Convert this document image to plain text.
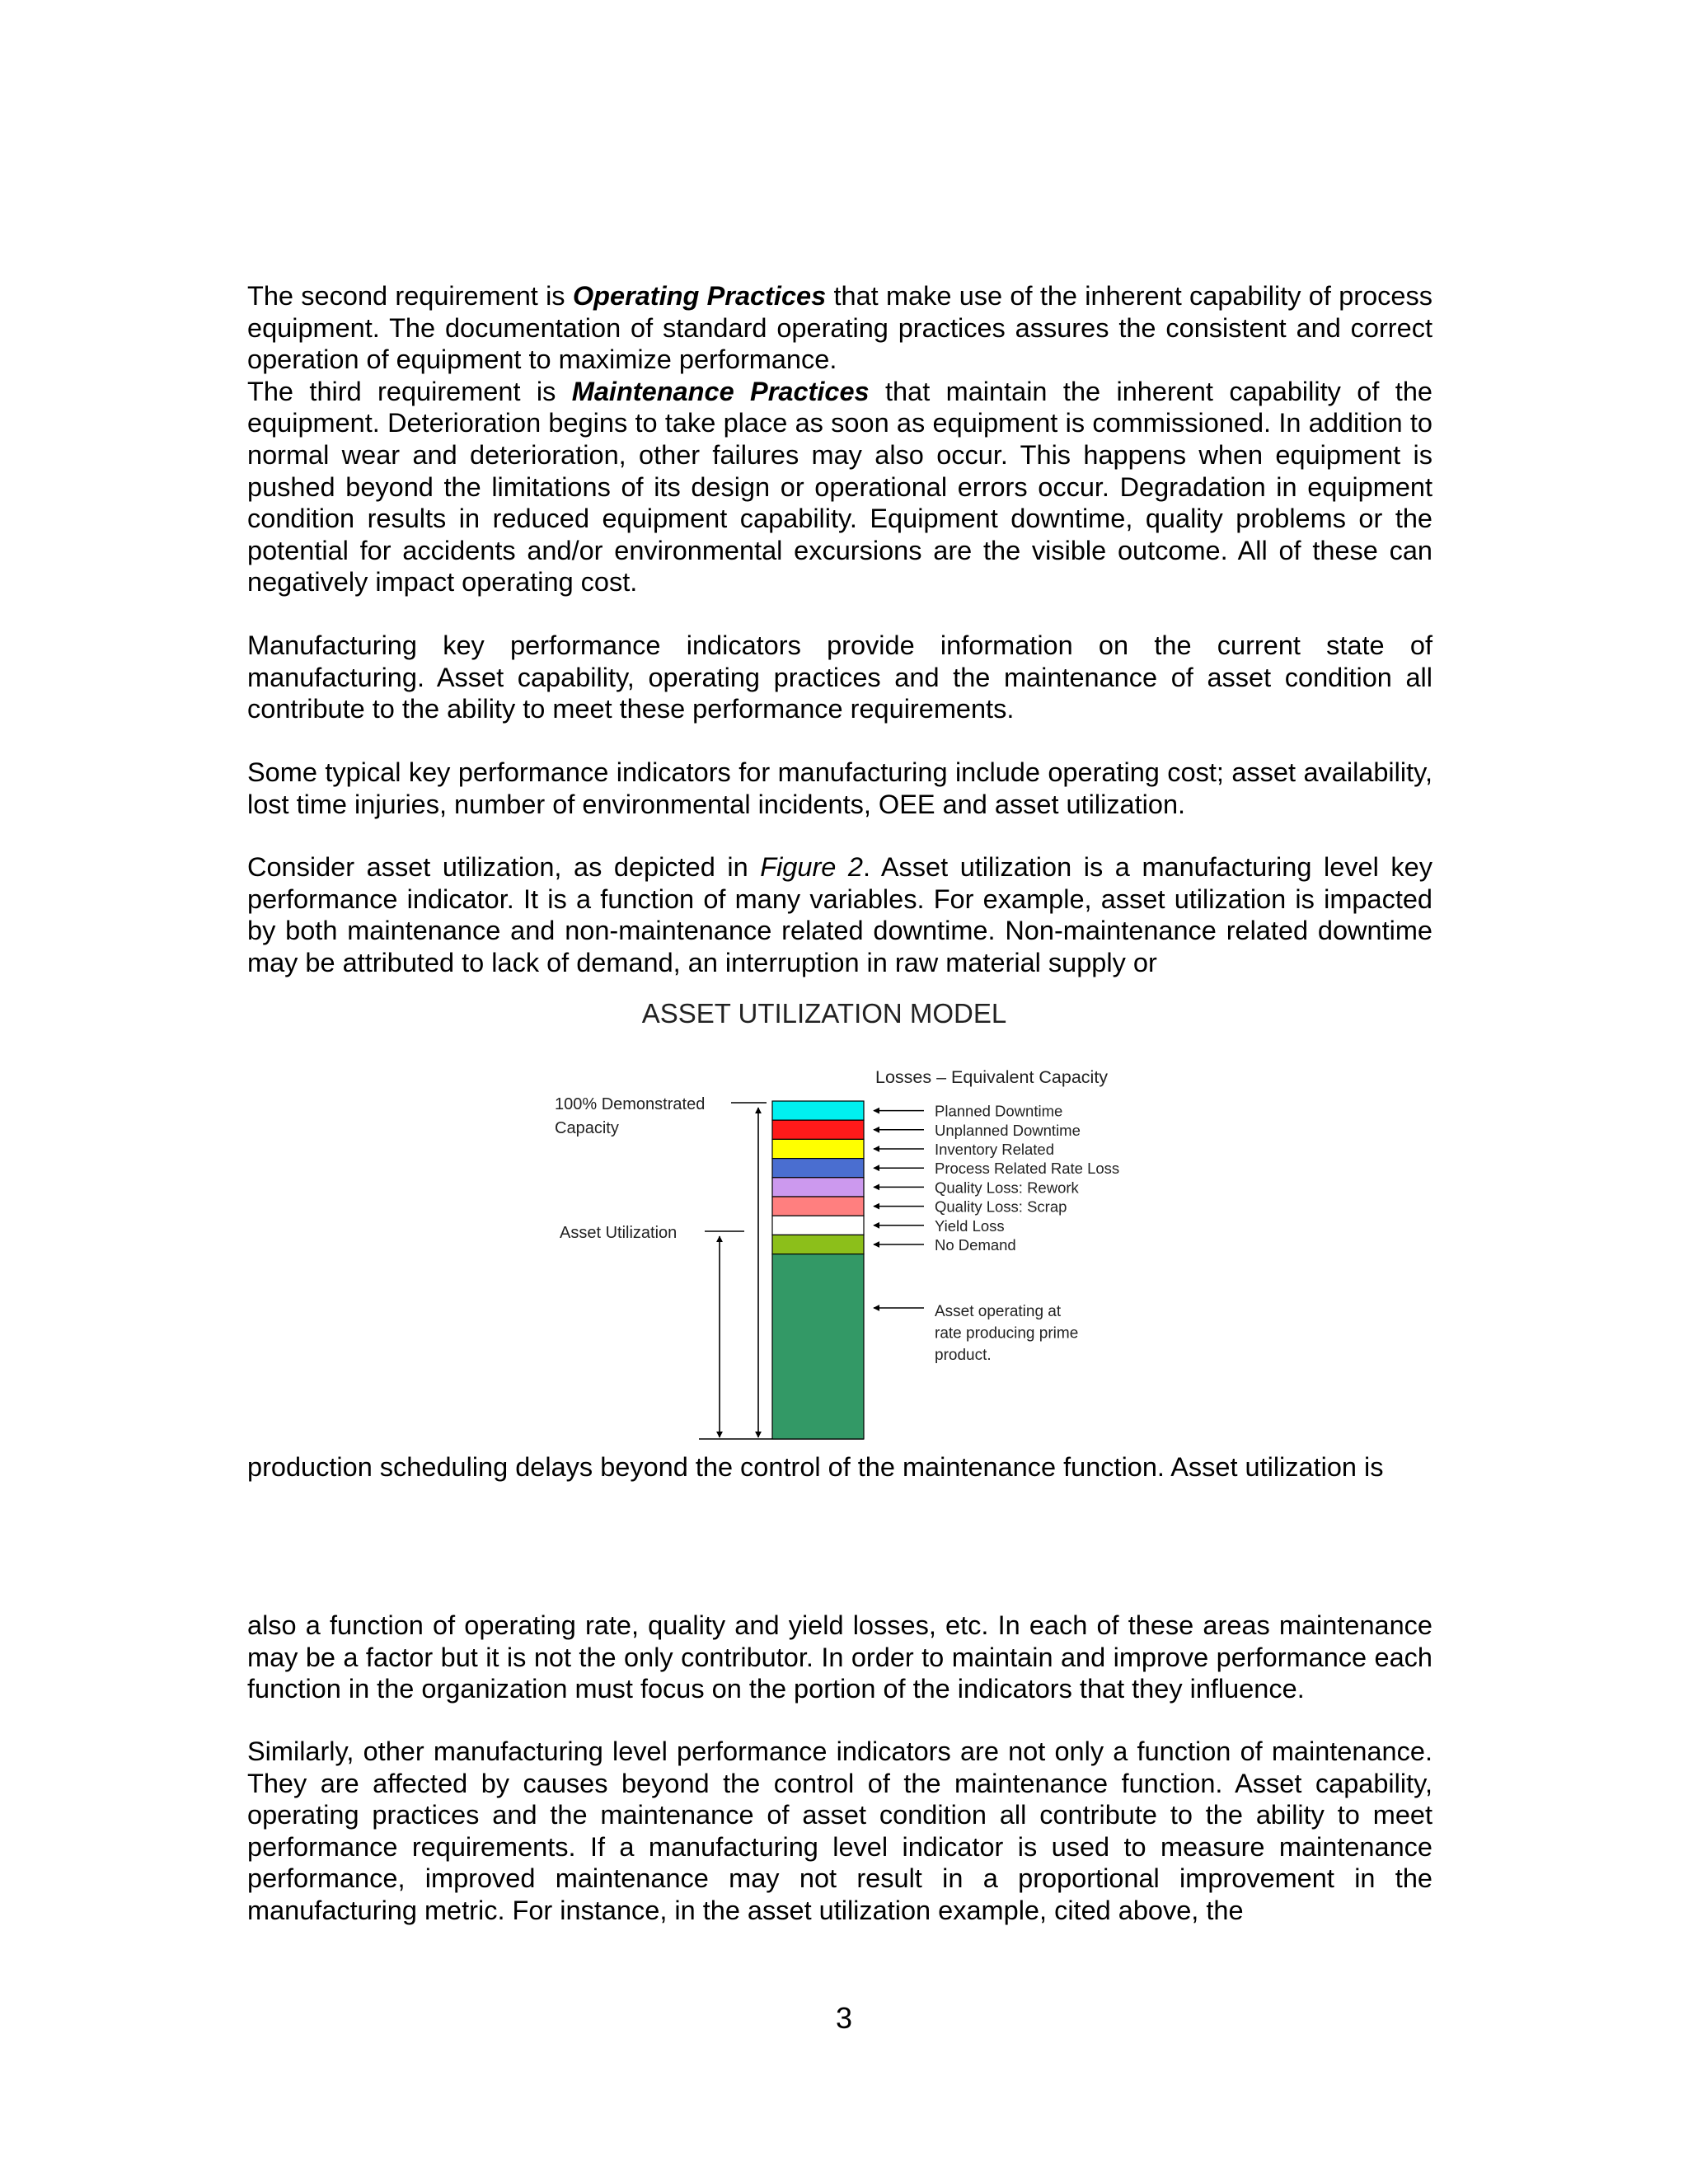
The second requirement is Operating Practices that make use of the inherent capability of process equipment. The documentation of standard operating practices assures the consistent and correct operation of equipment to maximize performance.

The third requirement is Maintenance Practices that maintain the inherent capability of the equipment. Deterioration begins to take place as soon as equipment is commissioned. In addition to normal wear and deterioration, other failures may also occur. This happens when equipment is pushed beyond the limitations of its design or operational errors occur. Degradation in equipment condition results in reduced equipment capability. Equipment downtime, quality problems or the potential for accidents and/or environmental excursions are the visible outcome. All of these can negatively impact operating cost.

Manufacturing key performance indicators provide information on the current state of manufacturing. Asset capability, operating practices and the maintenance of asset condition all contribute to the ability to meet these performance requirements.

Some typical key performance indicators for manufacturing include operating cost; asset availability, lost time injuries, number of environmental incidents, OEE and asset utilization.

Consider asset utilization, as depicted in Figure 2. Asset utilization is a manufacturing level key performance indicator. It is a function of many variables. For example, asset utilization is impacted by both maintenance and non-maintenance related downtime. Non-maintenance related downtime may be attributed to lack of demand, an interruption in raw material supply or

ASSET UTILIZATION MODEL
Losses – Equivalent Capacity
100% Demonstrated Capacity
Asset Utilization
Planned Downtime
Unplanned Downtime
Inventory Related
Process Related Rate Loss
Quality Loss: Rework
Quality Loss: Scrap
Yield Loss
No Demand
Asset operating at rate producing prime product.

production scheduling delays beyond the control of the maintenance function. Asset utilization is

also a function of operating rate, quality and yield losses, etc. In each of these areas maintenance may be a factor but it is not the only contributor. In order to maintain and improve performance each function in the organization must focus on the portion of the indicators that they influence.

Similarly, other manufacturing level performance indicators are not only a function of maintenance. They are affected by causes beyond the control of the maintenance function. Asset capability, operating practices and the maintenance of asset condition all contribute to the ability to meet performance requirements. If a manufacturing level indicator is used to measure maintenance performance, improved maintenance may not result in a proportional improvement in the manufacturing metric. For instance, in the asset utilization example, cited above, the

3
